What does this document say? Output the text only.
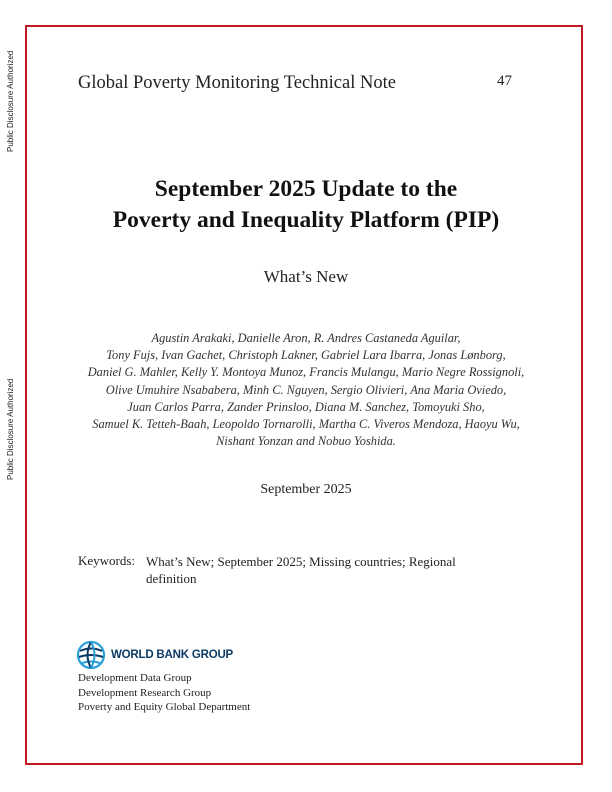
Public Disclosure Authorized
Public Disclosure Authorized
Global Poverty Monitoring Technical Note	47
September 2025 Update to the
Poverty and Inequality Platform (PIP)
What’s New
Agustin Arakaki, Danielle Aron, R. Andres Castaneda Aguilar,
Tony Fujs, Ivan Gachet, Christoph Lakner, Gabriel Lara Ibarra, Jonas Lønborg,
Daniel G. Mahler, Kelly Y. Montoya Munoz, Francis Mulangu, Mario Negre Rossignoli,
Olive Umuhire Nsababera, Minh C. Nguyen, Sergio Olivieri, Ana Maria Oviedo,
Juan Carlos Parra, Zander Prinsloo, Diana M. Sanchez, Tomoyuki Sho,
Samuel K. Tetteh-Baah, Leopoldo Tornarolli, Martha C. Viveros Mendoza, Haoyu Wu,
Nishant Yonzan and Nobuo Yoshida.
September 2025
Keywords: What’s New; September 2025; Missing countries; Regional definition
WORLD BANK GROUP
Development Data Group
Development Research Group
Poverty and Equity Global Department
